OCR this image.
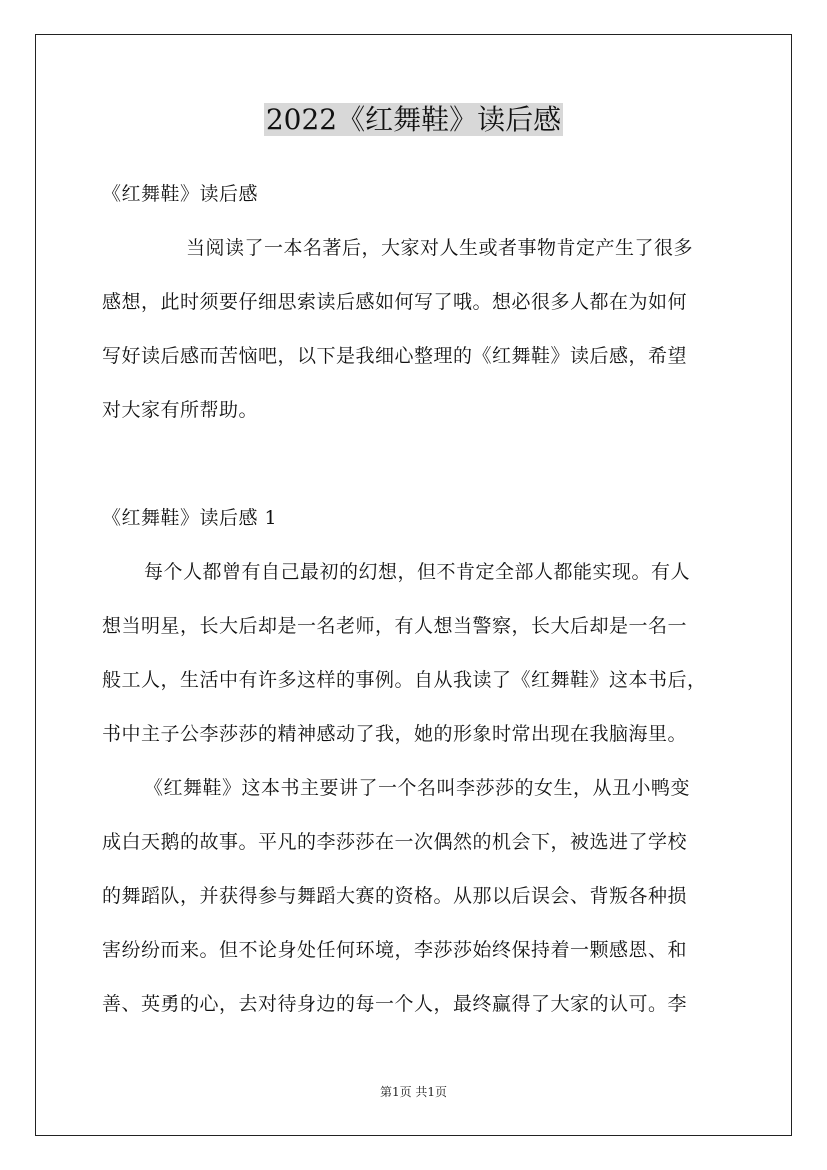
2022《红舞鞋》读后感
《红舞鞋》读后感
当阅读了一本名著后，大家对人生或者事物肯定产生了很多
感想，此时须要仔细思索读后感如何写了哦。想必很多人都在为如何
写好读后感而苦恼吧，以下是我细心整理的《红舞鞋》读后感，希望
对大家有所帮助。
《红舞鞋》读后感 1
每个人都曾有自己最初的幻想，但不肯定全部人都能实现。有人
想当明星，长大后却是一名老师，有人想当警察，长大后却是一名一
般工人，生活中有许多这样的事例。自从我读了《红舞鞋》这本书后，
书中主子公李莎莎的精神感动了我，她的形象时常出现在我脑海里。
《红舞鞋》这本书主要讲了一个名叫李莎莎的女生，从丑小鸭变
成白天鹅的故事。平凡的李莎莎在一次偶然的机会下，被选进了学校
的舞蹈队，并获得参与舞蹈大赛的资格。从那以后误会、背叛各种损
害纷纷而来。但不论身处任何环境，李莎莎始终保持着一颗感恩、和
善、英勇的心，去对待身边的每一个人，最终赢得了大家的认可。李
第1页 共1页
